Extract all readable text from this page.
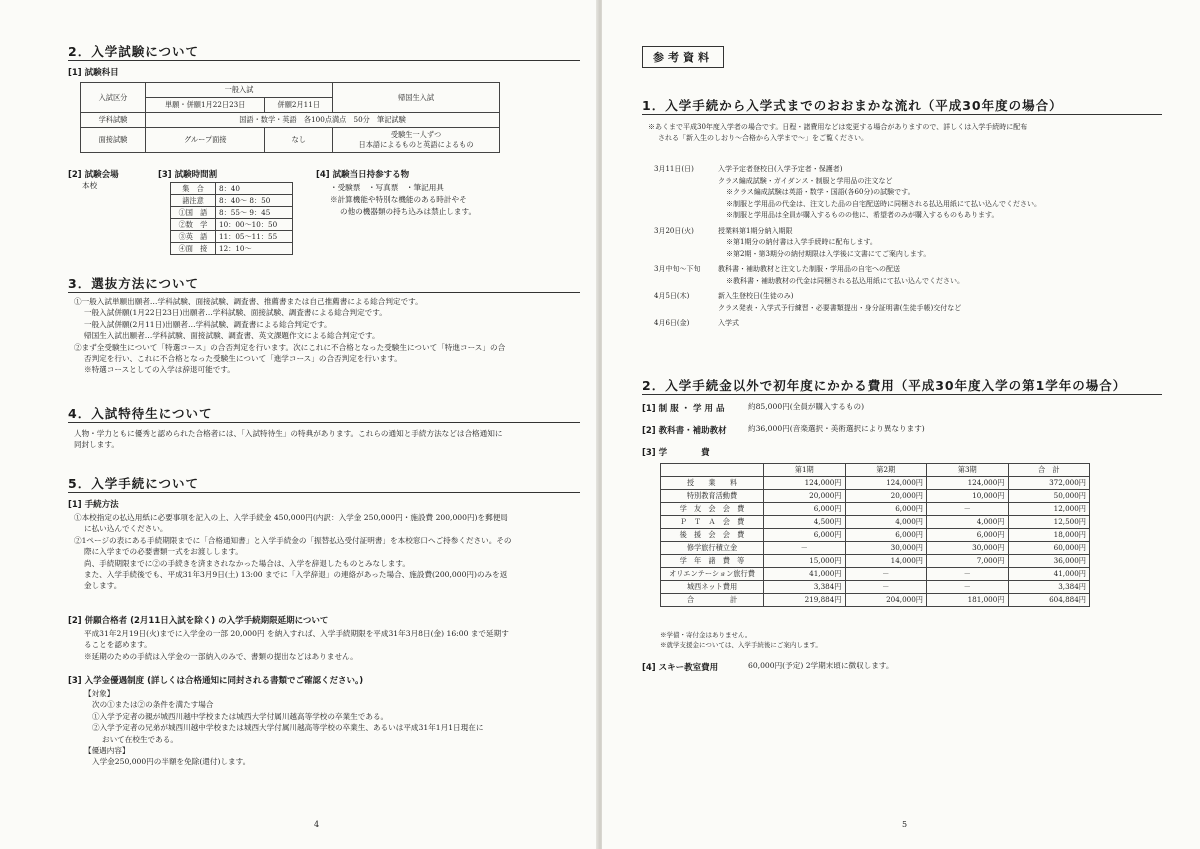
2．入学試験について
[1] 試験科目
入試区分	一般入試		帰国生入試
	単願・併願1月22日23日	併願2月11日	
学科試験	国語・数学・英語　各100点満点　50分　筆記試験		
面接試験	グループ面接	なし	受験生一人ずつ
日本語によるものと英語によるもの
[2] 試験会場
本校
[3] 試験時間割
集　合	8：40
諸注意	8：40～ 8：50
①国　語	8：55～ 9：45
②数　学	10：00～10：50
③英　語	11：05～11：55
④面　接	12：10～
[4] 試験当日持参する物
・受験票　・写真票　・筆記用具
※計算機能や特別な機能のある時計やそ
の他の機器類の持ち込みは禁止します。
3．選抜方法について
①一般入試単願出願者…学科試験、面接試験、調査書、推薦書または自己推薦書による総合判定です。
一般入試併願(1月22日23日)出願者…学科試験、面接試験、調査書による総合判定です。
一般入試併願(2月11日)出願者…学科試験、調査書による総合判定です。
帰国生入試出願者…学科試験、面接試験、調査書、英文課題作文による総合判定です。
②まず全受験生について「特選コース」の合否判定を行います。次にこれに不合格となった受験生について「特進コース」の合
否判定を行い、これに不合格となった受験生について「進学コース」の合否判定を行います。
※特選コースとしての入学は辞退可能です。
4．入試特待生について
人物・学力ともに優秀と認められた合格者には、「入試特待生」の特典があります。これらの通知と手続方法などは合格通知に
同封します。
5．入学手続について
[1] 手続方法
①本校指定の払込用紙に必要事項を記入の上、入学手続金 450,000円(内訳：入学金 250,000円・施設費 200,000円)を郵便局
に払い込んでください。
②1ページの表にある手続期限までに「合格通知書」と入学手続金の「振替払込受付証明書」を本校窓口へご持参ください。その
際に入学までの必要書類一式をお渡しします。
尚、手続期限までに②の手続きを済まされなかった場合は、入学を辞退したものとみなします。
また、入学手続後でも、平成31年3月9日(土) 13:00 までに「入学辞退」の連絡があった場合、施設費(200,000円)のみを返
金します。
[2] 併願合格者 (2月11日入試を除く) の入学手続期限延期について
平成31年2月19日(火)までに入学金の一部 20,000円 を納入すれば、入学手続期限を平成31年3月8日(金) 16:00 まで延期す
ることを認めます。
※延期のための手続は入学金の一部納入のみで、書類の提出などはありません。
[3] 入学金優遇制度 (詳しくは合格通知に同封される書類でご確認ください。)
【対象】
次の①または②の条件を満たす場合
①入学予定者の親が城西川越中学校または城西大学付属川越高等学校の卒業生である。
②入学予定者の兄弟が城西川越中学校または城西大学付属川越高等学校の卒業生、あるいは平成31年1月1日現在に
おいて在校生である。
【優遇内容】
入学金250,000円の半額を免除(還付)します。
4
参考資料
1．入学手続から入学式までのおおまかな流れ（平成30年度の場合）
※あくまで平成30年度入学者の場合です。日程・諸費用などは変更する場合がありますので、詳しくは入学手続時に配布
される「新入生のしおり～合格から入学まで～」をご覧ください。
3月11日(日)	入学予定者登校日(入学予定者・保護者)
クラス編成試験・ガイダンス・制服と学用品の注文など
※クラス編成試験は英語・数学・国語(各60分)の試験です。
※制服と学用品の代金は、注文した品の自宅配送時に同梱される払込用紙にて払い込んでください。
※制服と学用品は全員が購入するものの他に、希望者のみが購入するものもあります。
3月20日(火)	授業料第1期分納入期限
※第1期分の納付書は入学手続時に配布します。
※第2期・第3期分の納付期限は入学後に文書にてご案内します。
3月中旬～下旬	教科書・補助教材と注文した制服・学用品の自宅への配送
※教科書・補助教材の代金は同梱される払込用紙にて払い込んでください。
4月5日(木)	新入生登校日(生徒のみ)
クラス発表・入学式予行練習・必要書類提出・身分証明書(生徒手帳)交付など
4月6日(金)	入学式
2．入学手続金以外で初年度にかかる費用（平成30年度入学の第1学年の場合）
[1] 制 服 ・ 学 用 品	約85,000円(全員が購入するもの)
[2] 教科書・補助教材	約36,000円(音楽選択・美術選択により異なります)
[3] 学　　　　費
	第1期	第2期	第3期	合　計
授　　業　　料	124,000円	124,000円	124,000円	372,000円
特別教育活動費	20,000円	20,000円	10,000円	50,000円
学　友　会　会　費	6,000円	6,000円	－	12,000円
Ｐ　Ｔ　Ａ　会　費	4,500円	4,000円	4,000円	12,500円
後　援　会　会　費	6,000円	6,000円	6,000円	18,000円
修学旅行積立金	－	30,000円	30,000円	60,000円
学　年　諸　費　等	15,000円	14,000円	7,000円	36,000円
オリエンテーション旅行費	41,000円	－	－	41,000円
城西ネット費用	3,384円	－	－	3,384円
合　　　　　計	219,884円	204,000円	181,000円	604,884円
※学債・寄付金はありません。
※就学支援金については、入学手続後にご案内します。
[4] スキー教室費用	60,000円(予定) 2学期末頃に徴収します。
5
